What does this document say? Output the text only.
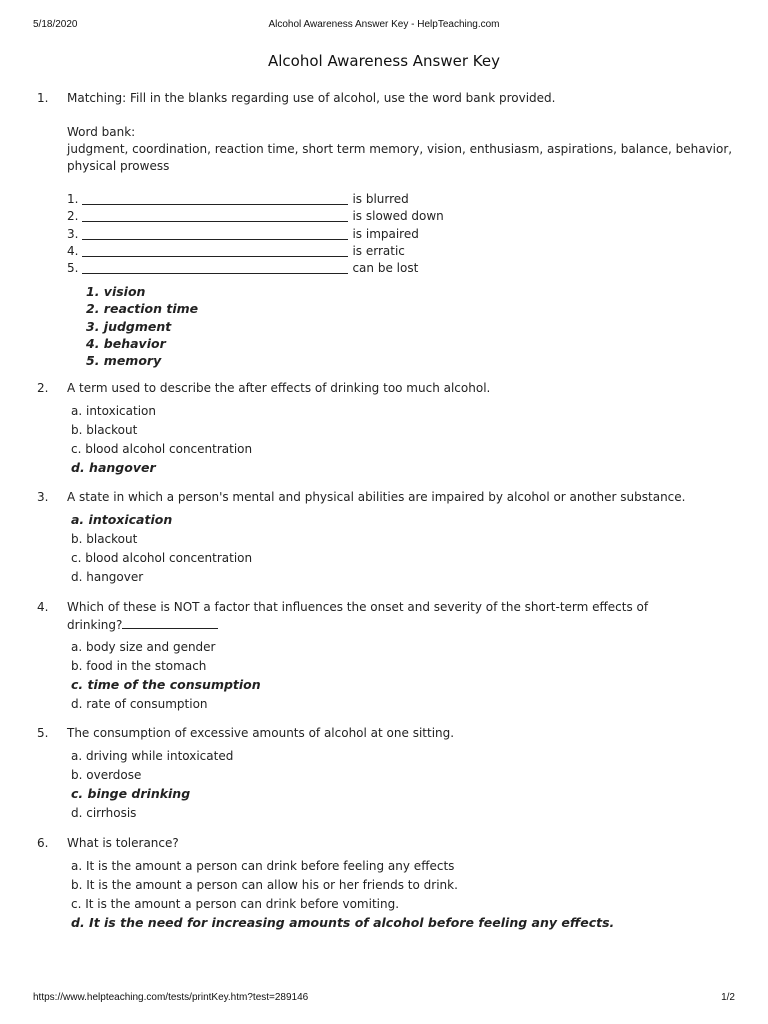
5/18/2020	Alcohol Awareness Answer Key - HelpTeaching.com
Alcohol Awareness Answer Key
1. Matching: Fill in the blanks regarding use of alcohol, use the word bank provided.
Word bank:
judgment, coordination, reaction time, short term memory, vision, enthusiasm, aspirations, balance, behavior, physical prowess
1.	is blurred
2.	is slowed down
3.	is impaired
4.	is erratic
5.	can be lost
1. vision
2. reaction time
3. judgment
4. behavior
5. memory
2. A term used to describe the after effects of drinking too much alcohol.
a. intoxication
b. blackout
c. blood alcohol concentration
d. hangover
3. A state in which a person's mental and physical abilities are impaired by alcohol or another substance.
a. intoxication
b. blackout
c. blood alcohol concentration
d. hangover
4. Which of these is NOT a factor that influences the onset and severity of the short-term effects of
drinking?
a. body size and gender
b. food in the stomach
c. time of the consumption
d. rate of consumption
5. The consumption of excessive amounts of alcohol at one sitting.
a. driving while intoxicated
b. overdose
c. binge drinking
d. cirrhosis
6. What is tolerance?
a. It is the amount a person can drink before feeling any effects
b. It is the amount a person can allow his or her friends to drink.
c. It is the amount a person can drink before vomiting.
d. It is the need for increasing amounts of alcohol before feeling any effects.
https://www.helpteaching.com/tests/printKey.htm?test=289146	1/2
